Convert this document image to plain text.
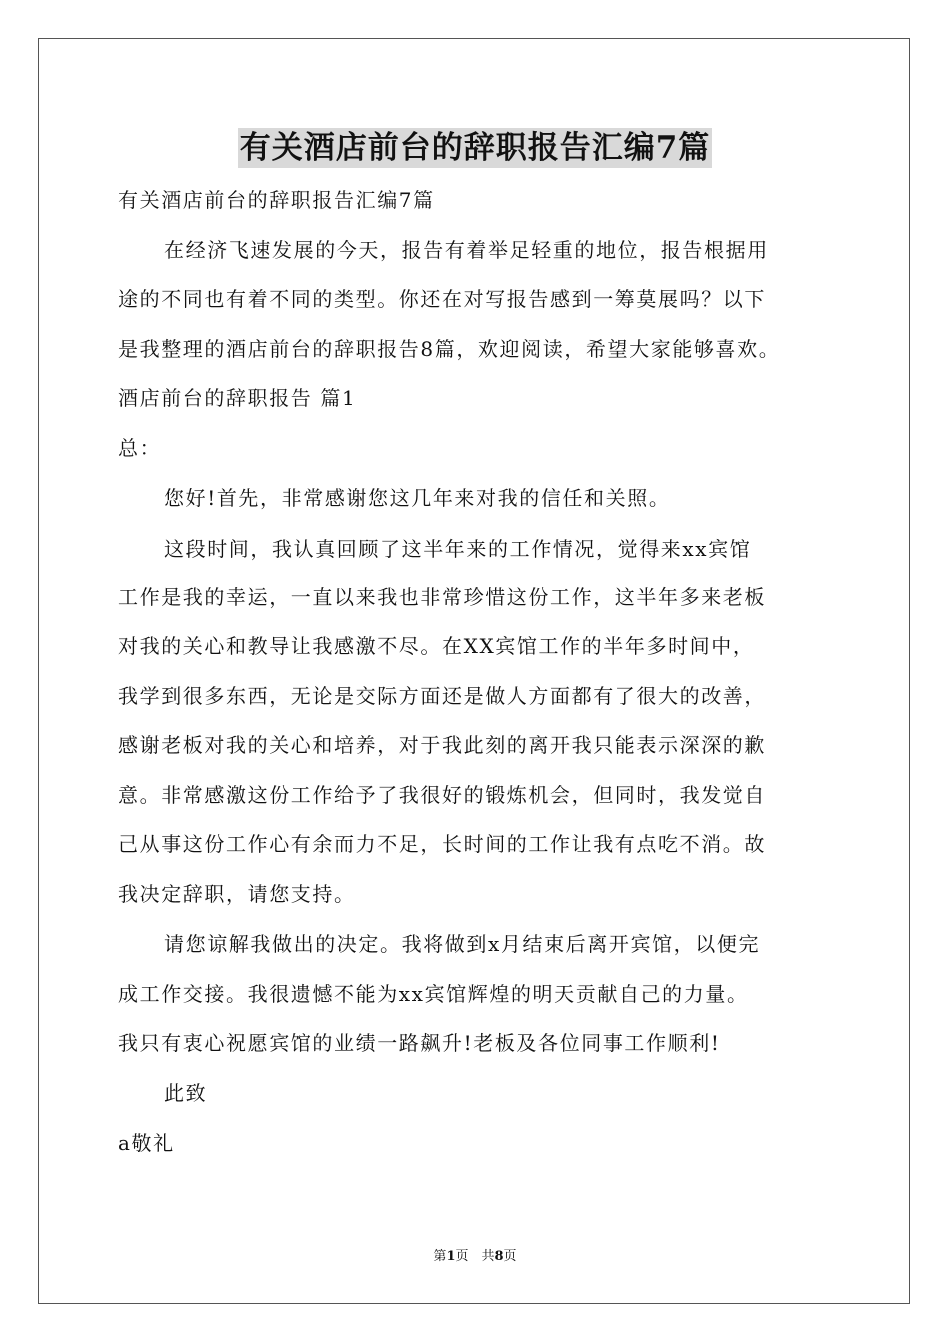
有关酒店前台的辞职报告汇编7篇
有关酒店前台的辞职报告汇编7篇
在经济飞速发展的今天，报告有着举足轻重的地位，报告根据用
途的不同也有着不同的类型。你还在对写报告感到一筹莫展吗？以下
是我整理的酒店前台的辞职报告8篇，欢迎阅读，希望大家能够喜欢。
酒店前台的辞职报告 篇1
总：
您好!首先，非常感谢您这几年来对我的信任和关照。
这段时间，我认真回顾了这半年来的工作情况，觉得来xx宾馆
工作是我的幸运，一直以来我也非常珍惜这份工作，这半年多来老板
对我的关心和教导让我感激不尽。在XX宾馆工作的半年多时间中，
我学到很多东西，无论是交际方面还是做人方面都有了很大的改善，
感谢老板对我的关心和培养，对于我此刻的离开我只能表示深深的歉
意。非常感激这份工作给予了我很好的锻炼机会，但同时，我发觉自
己从事这份工作心有余而力不足，长时间的工作让我有点吃不消。故
我决定辞职，请您支持。
请您谅解我做出的决定。我将做到x月结束后离开宾馆，以便完
成工作交接。我很遗憾不能为xx宾馆辉煌的明天贡献自己的力量。
我只有衷心祝愿宾馆的业绩一路飙升!老板及各位同事工作顺利!
此致
a敬礼
第1页　共8页
